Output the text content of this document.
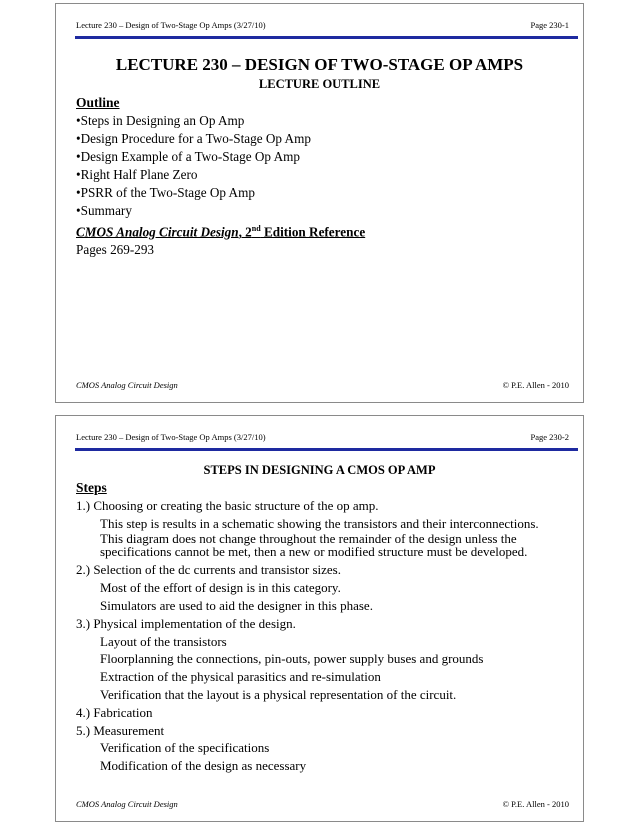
Lecture 230 – Design of Two-Stage Op Amps (3/27/10)	Page 230-1
LECTURE 230 – DESIGN OF TWO-STAGE OP AMPS
LECTURE OUTLINE
Outline
• Steps in Designing an Op Amp
• Design Procedure for a Two-Stage Op Amp
• Design Example of a Two-Stage Op Amp
• Right Half Plane Zero
• PSRR of the Two-Stage Op Amp
• Summary
CMOS Analog Circuit Design, 2nd Edition Reference
Pages 269-293
CMOS Analog Circuit Design	© P.E. Allen - 2010
Lecture 230 – Design of Two-Stage Op Amps (3/27/10)	Page 230-2
STEPS IN DESIGNING A CMOS OP AMP
Steps
1.) Choosing or creating the basic structure of the op amp.
This step is results in a schematic showing the transistors and their interconnections.
This diagram does not change throughout the remainder of the design unless the specifications cannot be met, then a new or modified structure must be developed.
2.) Selection of the dc currents and transistor sizes.
Most of the effort of design is in this category.
Simulators are used to aid the designer in this phase.
3.) Physical implementation of the design.
Layout of the transistors
Floorplanning the connections, pin-outs, power supply buses and grounds
Extraction of the physical parasitics and re-simulation
Verification that the layout is a physical representation of the circuit.
4.) Fabrication
5.) Measurement
Verification of the specifications
Modification of the design as necessary
CMOS Analog Circuit Design	© P.E. Allen - 2010
